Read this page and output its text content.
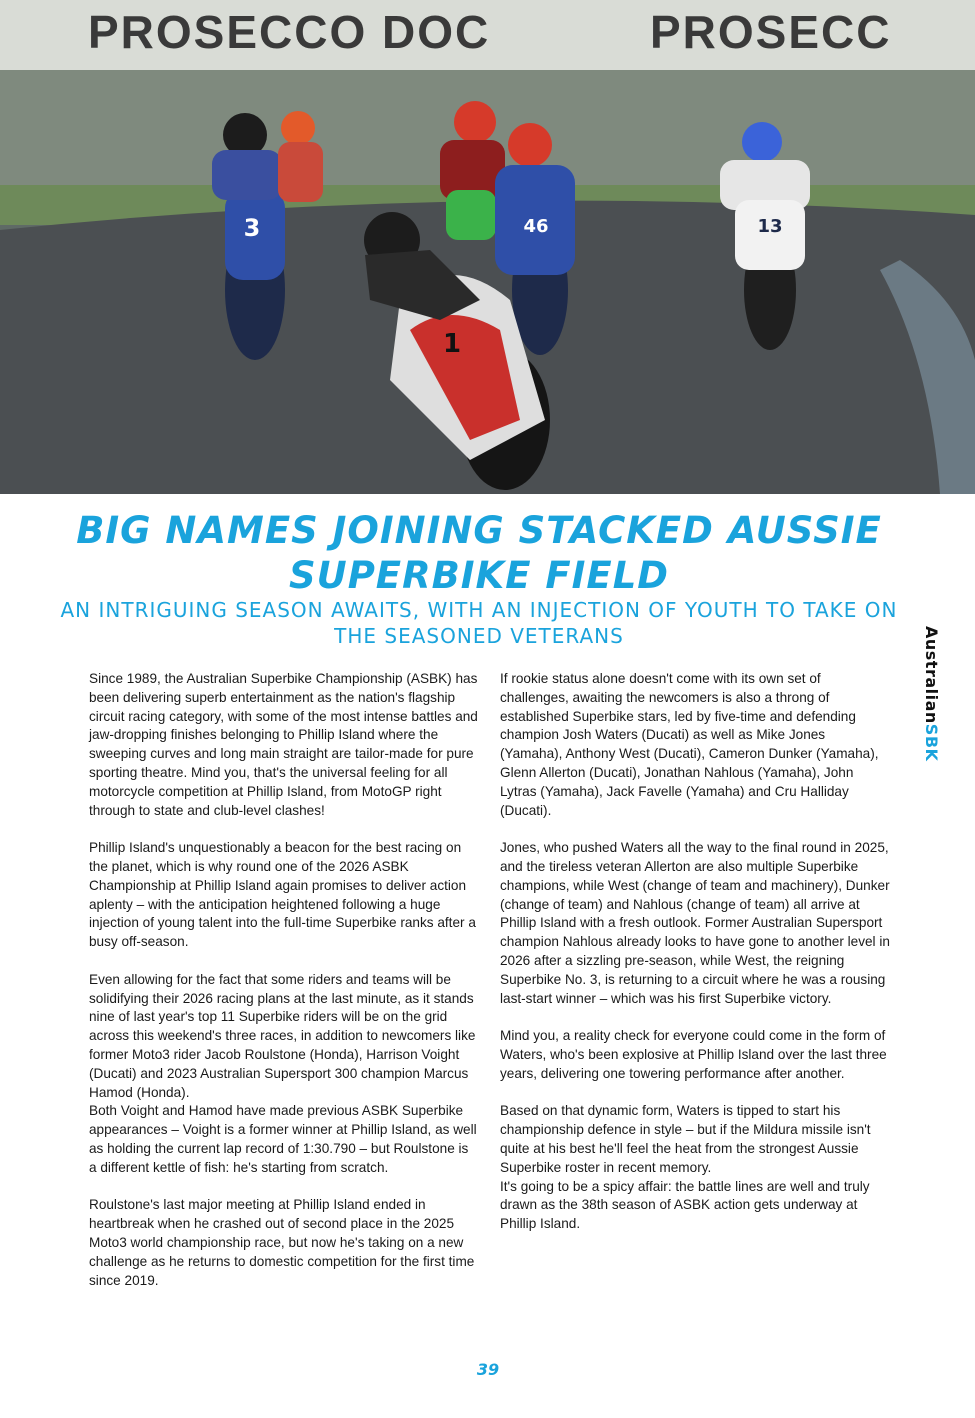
PROSECCO DOC	PROSECC
3	46	13
1
BIG NAMES JOINING STACKED AUSSIE SUPERBIKE FIELD
AN INTRIGUING SEASON AWAITS, WITH AN INJECTION OF YOUTH TO TAKE ON THE SEASONED VETERANS

Since 1989, the Australian Superbike Championship (ASBK) has been delivering superb entertainment as the nation's flagship circuit racing category, with some of the most intense battles and jaw-dropping finishes belonging to Phillip Island where the sweeping curves and long main straight are tailor-made for pure sporting theatre. Mind you, that's the universal feeling for all motorcycle competition at Phillip Island, from MotoGP right through to state and club-level clashes!

Phillip Island's unquestionably a beacon for the best racing on the planet, which is why round one of the 2026 ASBK Championship at Phillip Island again promises to deliver action aplenty – with the anticipation heightened following a huge injection of young talent into the full-time Superbike ranks after a busy off-season.

Even allowing for the fact that some riders and teams will be solidifying their 2026 racing plans at the last minute, as it stands nine of last year's top 11 Superbike riders will be on the grid across this weekend's three races, in addition to newcomers like former Moto3 rider Jacob Roulstone (Honda), Harrison Voight (Ducati) and 2023 Australian Supersport 300 champion Marcus Hamod (Honda).
Both Voight and Hamod have made previous ASBK Superbike appearances – Voight is a former winner at Phillip Island, as well as holding the current lap record of 1:30.790 – but Roulstone is a different kettle of fish: he's starting from scratch.

Roulstone's last major meeting at Phillip Island ended in heartbreak when he crashed out of second place in the 2025 Moto3 world championship race, but now he's taking on a new challenge as he returns to domestic competition for the first time since 2019.

If rookie status alone doesn't come with its own set of challenges, awaiting the newcomers is also a throng of established Superbike stars, led by five-time and defending champion Josh Waters (Ducati) as well as Mike Jones (Yamaha), Anthony West (Ducati), Cameron Dunker (Yamaha), Glenn Allerton (Ducati), Jonathan Nahlous (Yamaha), John Lytras (Yamaha), Jack Favelle (Yamaha) and Cru Halliday (Ducati).

Jones, who pushed Waters all the way to the final round in 2025, and the tireless veteran Allerton are also multiple Superbike champions, while West (change of team and machinery), Dunker (change of team) and Nahlous (change of team) all arrive at Phillip Island with a fresh outlook. Former Australian Supersport champion Nahlous already looks to have gone to another level in 2026 after a sizzling pre-season, while West, the reigning Superbike No. 3, is returning to a circuit where he was a rousing last-start winner – which was his first Superbike victory.

Mind you, a reality check for everyone could come in the form of Waters, who's been explosive at Phillip Island over the last three years, delivering one towering performance after another.

Based on that dynamic form, Waters is tipped to start his championship defence in style – but if the Mildura missile isn't quite at his best he'll feel the heat from the strongest Aussie Superbike roster in recent memory.
It's going to be a spicy affair: the battle lines are well and truly drawn as the 38th season of ASBK action gets underway at Phillip Island.

AustralianSBK
39
